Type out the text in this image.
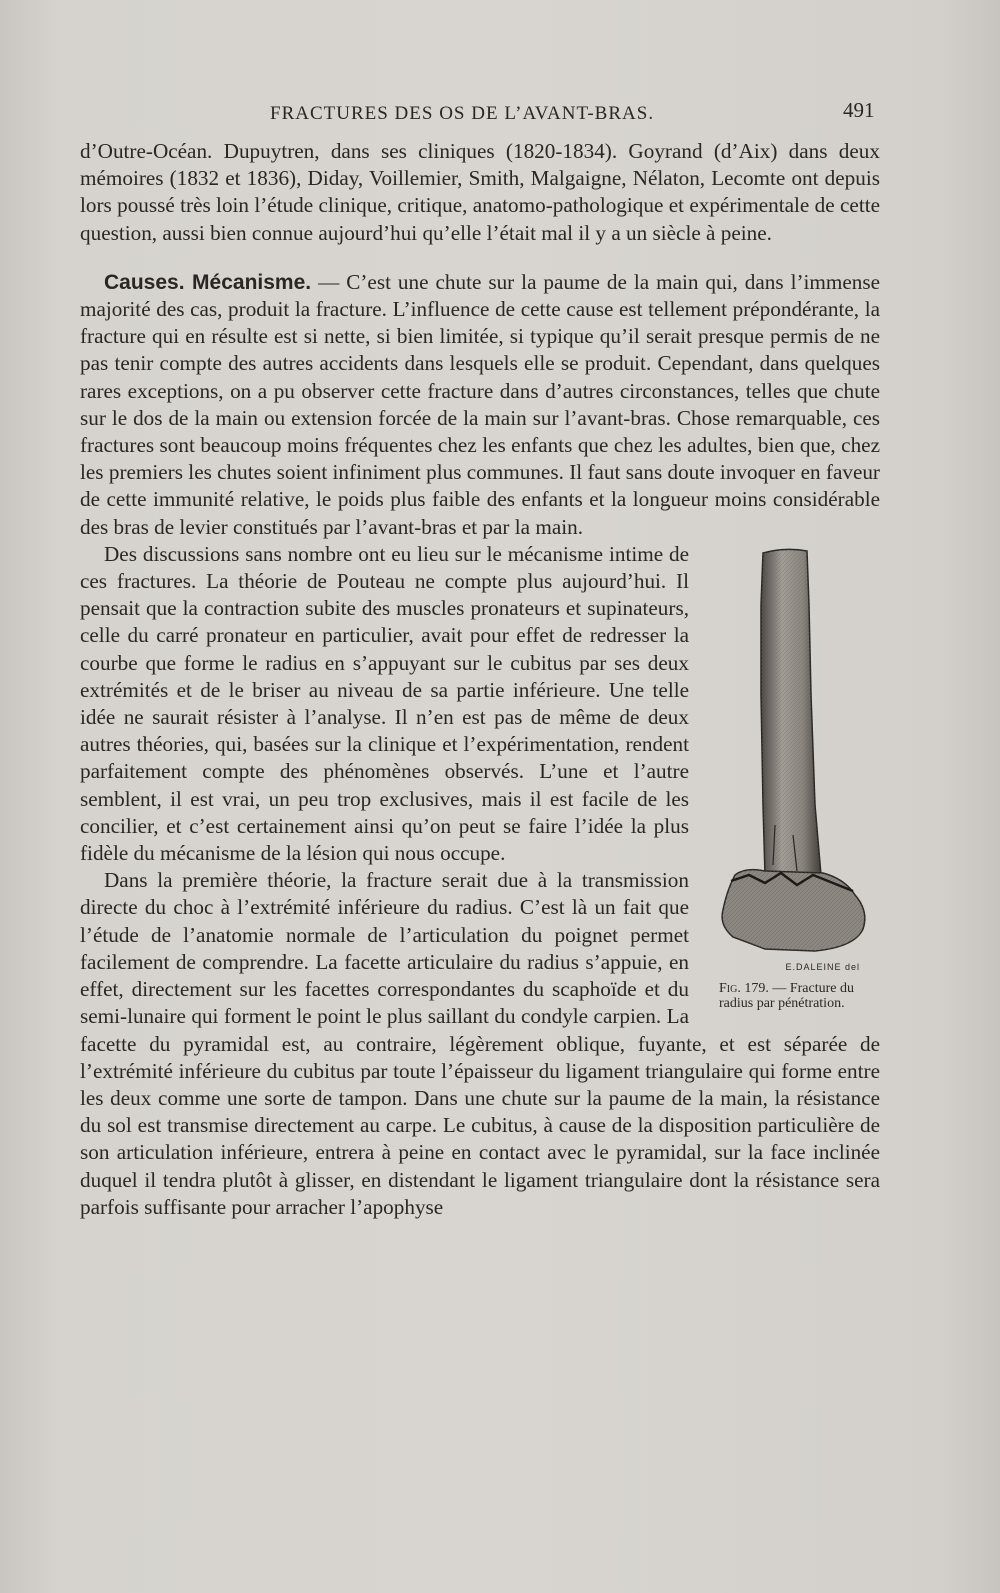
FRACTURES DES OS DE L’AVANT-BRAS.	491

d’Outre-Océan. Dupuytren, dans ses cliniques (1820-1834). Goyrand (d’Aix) dans deux mémoires (1832 et 1836), Diday, Voillemier, Smith, Malgaigne, Nélaton, Lecomte ont depuis lors poussé très loin l’étude clinique, critique, anatomo-pathologique et expérimentale de cette question, aussi bien connue aujourd’hui qu’elle l’était mal il y a un siècle à peine.

Causes. Mécanisme. — C’est une chute sur la paume de la main qui, dans l’immense majorité des cas, produit la fracture. L’influence de cette cause est tellement prépondérante, la fracture qui en résulte est si nette, si bien limitée, si typique qu’il serait presque permis de ne pas tenir compte des autres accidents dans lesquels elle se produit. Cependant, dans quelques rares exceptions, on a pu observer cette fracture dans d’autres circonstances, telles que chute sur le dos de la main ou extension forcée de la main sur l’avant-bras. Chose remarquable, ces fractures sont beaucoup moins fréquentes chez les enfants que chez les adultes, bien que, chez les premiers les chutes soient infiniment plus communes. Il faut sans doute invoquer en faveur de cette immunité relative, le poids plus faible des enfants et la longueur moins considérable des bras de levier constitués par l’avant-bras et par la main.

E.DALEINE del
Fig. 179. — Fracture du radius par pénétration.

Des discussions sans nombre ont eu lieu sur le mécanisme intime de ces fractures. La théorie de Pouteau ne compte plus aujourd’hui. Il pensait que la contraction subite des muscles pronateurs et supinateurs, celle du carré pronateur en particulier, avait pour effet de redresser la courbe que forme le radius en s’appuyant sur le cubitus par ses deux extrémités et de le briser au niveau de sa partie inférieure. Une telle idée ne saurait résister à l’analyse. Il n’en est pas de même de deux autres théories, qui, basées sur la clinique et l’expérimentation, rendent parfaitement compte des phénomènes observés. L’une et l’autre semblent, il est vrai, un peu trop exclusives, mais il est facile de les concilier, et c’est certainement ainsi qu’on peut se faire l’idée la plus fidèle du mécanisme de la lésion qui nous occupe.

Dans la première théorie, la fracture serait due à la transmission directe du choc à l’extrémité inférieure du radius. C’est là un fait que l’étude de l’anatomie normale de l’articulation du poignet permet facilement de comprendre. La facette articulaire du radius s’appuie, en effet, directement sur les facettes correspondantes du scaphoïde et du semi-lunaire qui forment le point le plus saillant du condyle carpien. La facette du pyramidal est, au contraire, légèrement oblique, fuyante, et est séparée de l’extrémité inférieure du cubitus par toute l’épaisseur du ligament triangulaire qui forme entre les deux comme une sorte de tampon. Dans une chute sur la paume de la main, la résistance du sol est transmise directement au carpe. Le cubitus, à cause de la disposition particulière de son articulation inférieure, entrera à peine en contact avec le pyramidal, sur la face inclinée duquel il tendra plutôt à glisser, en distendant le ligament triangulaire dont la résistance sera parfois suffisante pour arracher l’apophyse
